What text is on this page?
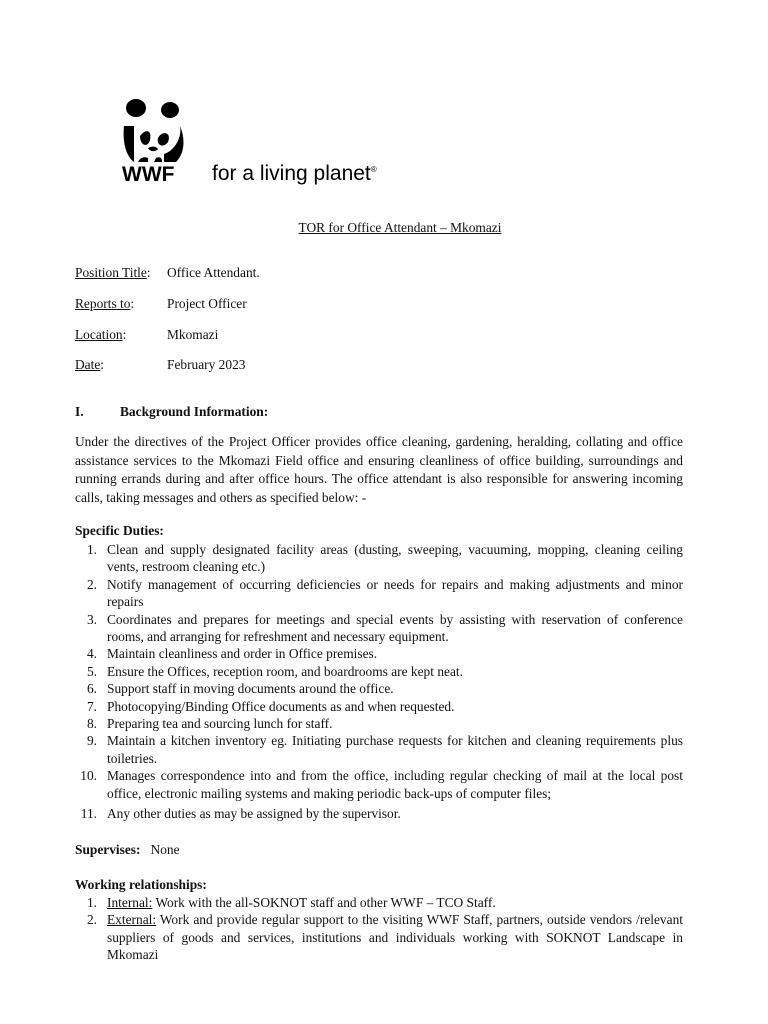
WWF for a living planet®
TOR for Office Attendant – Mkomazi
Position Title: Office Attendant.
Reports to: Project Officer
Location:	Mkomazi
Date:	February 2023
I.	Background Information:
Under the directives of the Project Officer provides office cleaning, gardening, heralding, collating and office assistance services to the Mkomazi Field office and ensuring cleanliness of office building, surroundings and running errands during and after office hours. The office attendant is also responsible for answering incoming calls, taking messages and others as specified below: -
Specific Duties:
1. Clean and supply designated facility areas (dusting, sweeping, vacuuming, mopping, cleaning ceiling vents, restroom cleaning etc.)
2. Notify management of occurring deficiencies or needs for repairs and making adjustments and minor repairs
3. Coordinates and prepares for meetings and special events by assisting with reservation of conference rooms, and arranging for refreshment and necessary equipment.
4. Maintain cleanliness and order in Office premises.
5. Ensure the Offices, reception room, and boardrooms are kept neat.
6. Support staff in moving documents around the office.
7. Photocopying/Binding Office documents as and when requested.
8. Preparing tea and sourcing lunch for staff.
9. Maintain a kitchen inventory eg. Initiating purchase requests for kitchen and cleaning requirements plus toiletries.
10. Manages correspondence into and from the office, including regular checking of mail at the local post office, electronic mailing systems and making periodic back-ups of computer files;
11. Any other duties as may be assigned by the supervisor.
Supervises: None
Working relationships:
1. Internal: Work with the all-SOKNOT staff and other WWF – TCO Staff.
2. External: Work and provide regular support to the visiting WWF Staff, partners, outside vendors /relevant suppliers of goods and services, institutions and individuals working with SOKNOT Landscape in Mkomazi
